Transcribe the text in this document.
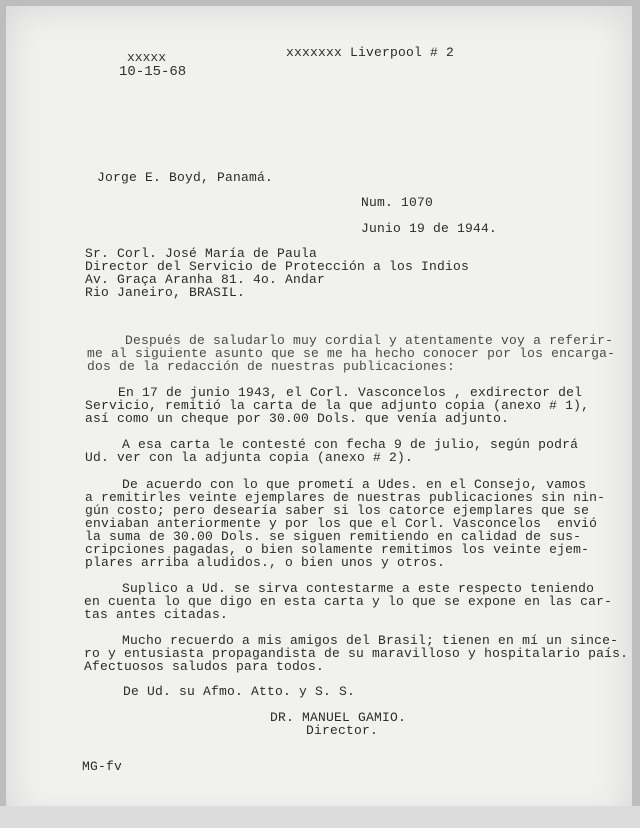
xxxxx
10-15-68
xxxxxxx Liverpool # 2
Jorge E. Boyd, Panamá.
Num. 1070
Junio 19 de 1944.
Sr. Corl. José María de Paula
Director del Servicio de Protección a los Indios
Av. Graça Aranha 81. 4o. Andar
Rio Janeiro, BRASIL.
Después de saludarlo muy cordial y atentamente voy a referir-
me al siguiente asunto que se me ha hecho conocer por los encarga-
dos de la redacción de nuestras publicaciones:
En 17 de junio 1943, el Corl. Vasconcelos , exdirector del
Servicio, remitió la carta de la que adjunto copia (anexo # 1),
así como un cheque por 30.00 Dols. que venía adjunto.
A esa carta le contesté con fecha 9 de julio, según podrá
Ud. ver con la adjunta copia (anexo # 2).
De acuerdo con lo que prometí a Udes. en el Consejo, vamos
a remitirles veinte ejemplares de nuestras publicaciones sin nin-
gún costo; pero desearía saber si los catorce ejemplares que se
enviaban anteriormente y por los que el Corl. Vasconcelos  envió
la suma de 30.00 Dols. se siguen remitiendo en calidad de sus-
cripciones pagadas, o bien solamente remitimos los veinte ejem-
plares arriba aludidos., o bien unos y otros.
Suplico a Ud. se sirva contestarme a este respecto teniendo
en cuenta lo que digo en esta carta y lo que se expone en las car-
tas antes citadas.
Mucho recuerdo a mis amigos del Brasil; tienen en mí un since-
ro y entusiasta propagandista de su maravilloso y hospitalario país.
Afectuosos saludos para todos.
De Ud. su Afmo. Atto. y S. S.
DR. MANUEL GAMIO.
Director.
MG-fv
